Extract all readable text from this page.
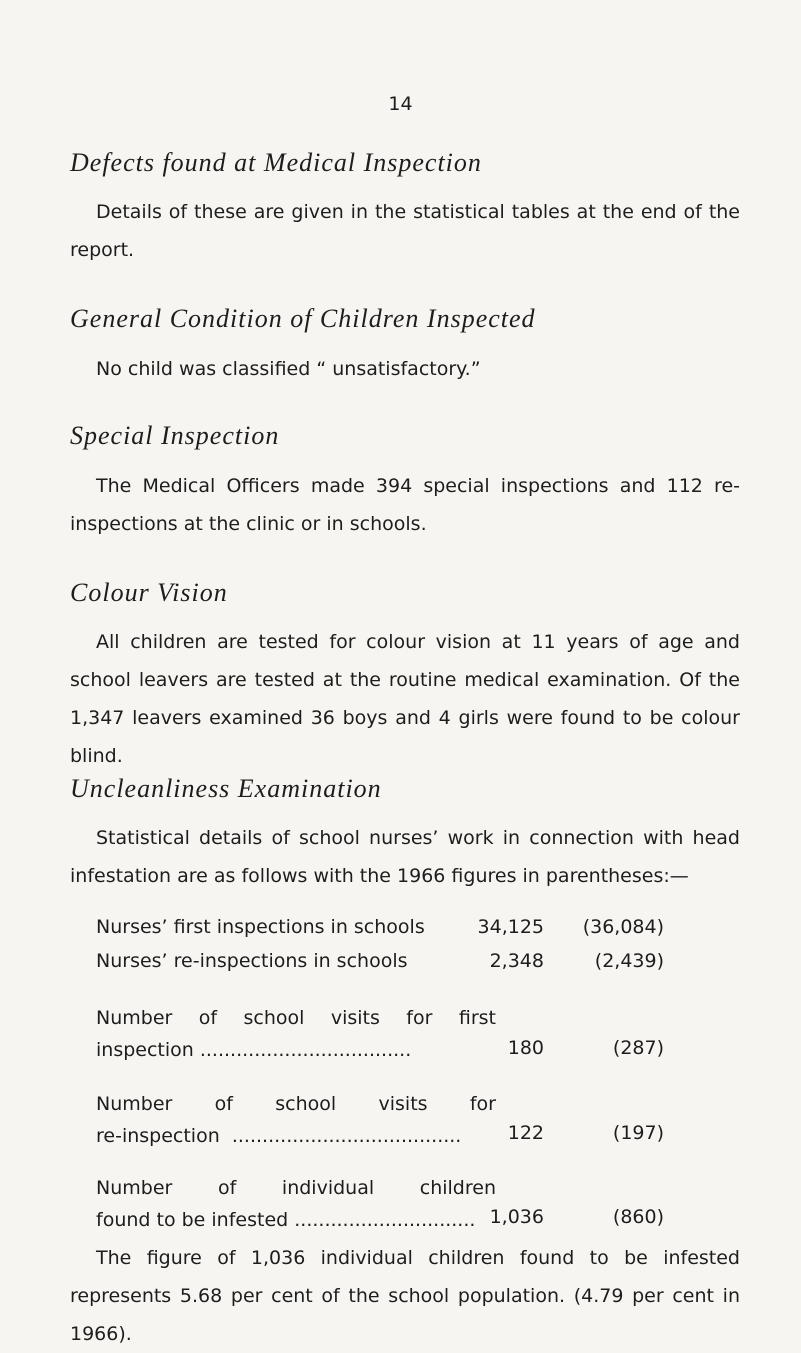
14
Defects found at Medical Inspection

Details of these are given in the statistical tables at the end of the report.

General Condition of Children Inspected

No child was classified “ unsatisfactory.”

Special Inspection

The Medical Officers made 394 special inspections and 112 re-inspections at the clinic or in schools.

Colour Vision

All children are tested for colour vision at 11 years of age and school leavers are tested at the routine medical examination. Of the 1,347 leavers examined 36 boys and 4 girls were found to be colour blind.

Uncleanliness Examination

Statistical details of school nurses’ work in connection with head infestation are as follows with the 1966 figures in parentheses:—

Nurses’ first inspections in schools	34,125 (36,084)
Nurses’ re-inspections in schools	2,348	(2,439)
Number of school visits for first
inspection ...................................	180	(287)
Number of school visits for
re-inspection  ......................................	122	(197)
Number of individual children
found to be infested .............................. 1,036	(860)

The figure of 1,036 individual children found to be infested represents 5.68 per cent of the school population. (4.79 per cent in 1966).
